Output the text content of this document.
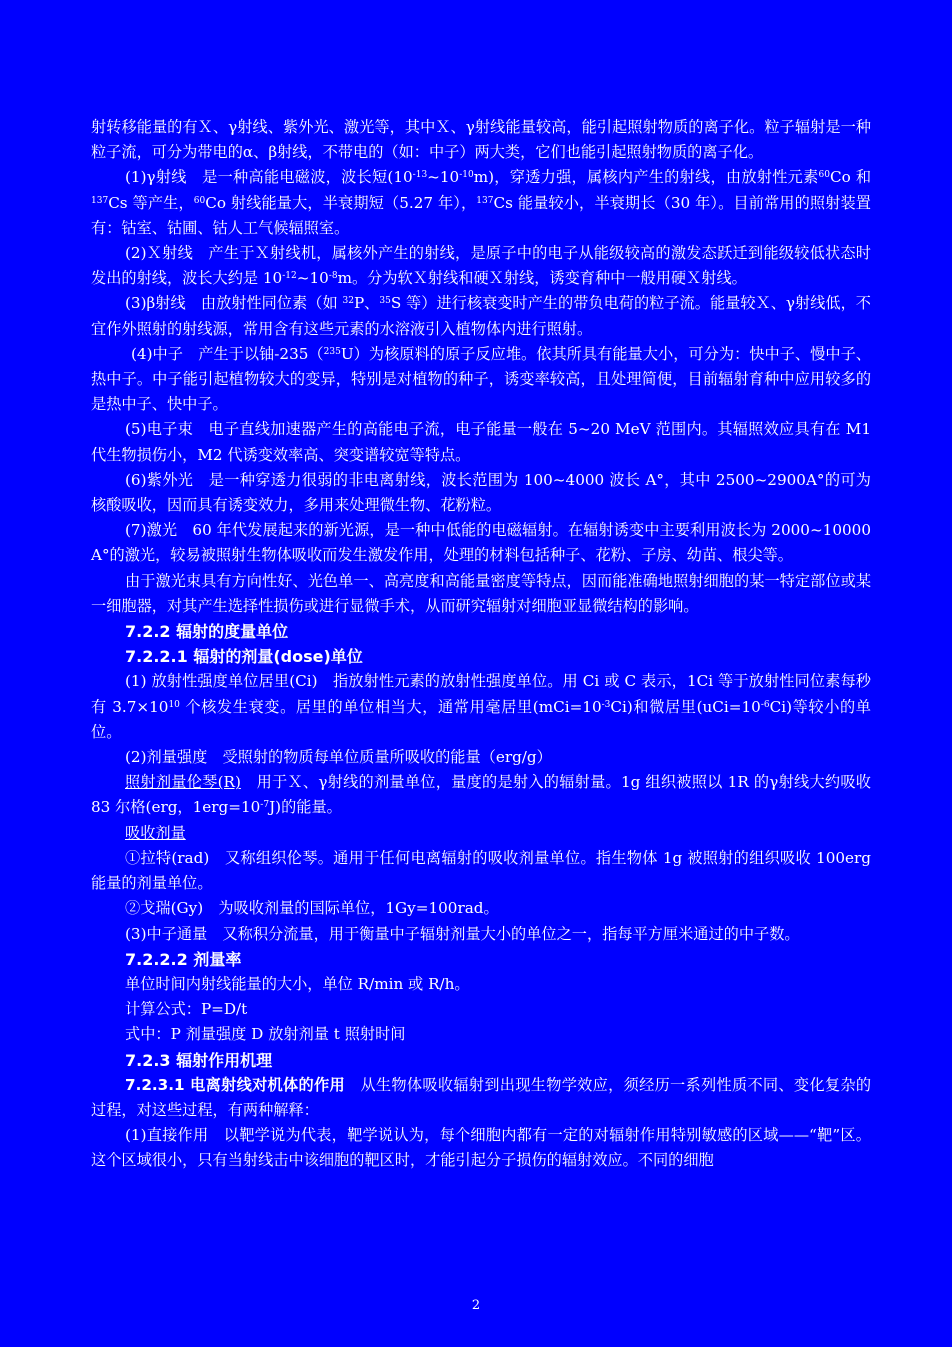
射转移能量的有Ｘ、γ射线、紫外光、激光等，其中Ｘ、γ射线能量较高，能引起照射物质的离子化。粒子辐射是一种粒子流，可分为带电的α、β射线，不带电的（如：中子）两大类，它们也能引起照射物质的离子化。

(1)γ射线　是一种高能电磁波，波长短$(10^{-13}\sim 10^{-10}m)$，穿透力强，属核内产生的射线，由放射性元素$^{60}$Co 和$^{137}$Cs 等产生，$^{60}$Co 射线能量大，半衰期短（5.27 年），$^{137}$Cs 能量较小，半衰期长（30 年）。目前常用的照射装置有：钴室、钴圃、钴人工气候辐照室。

(2)Ｘ射线　产生于Ｘ射线机，属核外产生的射线，是原子中的电子从能级较高的激发态跃迁到能级较低状态时发出的射线，波长大约是 $10^{-12}\sim 10^{-8}m$。分为软Ｘ射线和硬Ｘ射线，诱变育种中一般用硬Ｘ射线。

(3)β射线　由放射性同位素（如 $^{32}$P、$^{35}$S 等）进行核衰变时产生的带负电荷的粒子流。能量较Ｘ、γ射线低，不宜作外照射的射线源，常用含有这些元素的水溶液引入植物体内进行照射。

(4)中子　产生于以铀-235（$^{235}$U）为核原料的原子反应堆。依其所具有能量大小，可分为：快中子、慢中子、热中子。中子能引起植物较大的变异，特别是对植物的种子，诱变率较高，且处理简便，目前辐射育种中应用较多的是热中子、快中子。

(5)电子束　电子直线加速器产生的高能电子流，电子能量一般在 5~20 MeV 范围内。其辐照效应具有在 M1 代生物损伤小，M2 代诱变效率高、突变谱较宽等特点。

(6)紫外光　是一种穿透力很弱的非电离射线，波长范围为 100~4000 波长 A°，其中 2500~2900A°的可为核酸吸收，因而具有诱变效力，多用来处理微生物、花粉粒。

(7)激光　60 年代发展起来的新光源，是一种中低能的电磁辐射。在辐射诱变中主要利用波长为 2000~10000 A°的激光，较易被照射生物体吸收而发生激发作用，处理的材料包括种子、花粉、子房、幼苗、根尖等。

由于激光束具有方向性好、光色单一、高亮度和高能量密度等特点，因而能准确地照射细胞的某一特定部位或某一细胞器，对其产生选择性损伤或进行显微手术，从而研究辐射对细胞亚显微结构的影响。

7.2.2 辐射的度量单位
7.2.2.1 辐射的剂量(dose)单位

(1) 放射性强度单位居里(Ci)　指放射性元素的放射性强度单位。用 Ci 或 C 表示，1Ci 等于放射性同位素每秒有 $3.7\times 10^{10}$ 个核发生衰变。居里的单位相当大，通常用毫居里$(mCi=10^{-3}Ci)$和微居里$(uCi=10^{-6}Ci)$等较小的单位。

(2)剂量强度　受照射的物质每单位质量所吸收的能量（erg/g）

照射剂量伦琴(R)　用于Ｘ、γ射线的剂量单位，量度的是射入的辐射量。1g 组织被照以 1R 的γ射线大约吸收 83 尔格(erg，$1erg=10^{-7}J$)的能量。

吸收剂量

①拉特(rad)　又称组织伦琴。通用于任何电离辐射的吸收剂量单位。指生物体 1g 被照射的组织吸收 100erg 能量的剂量单位。

②戈瑞(Gy)　为吸收剂量的国际单位，1Gy=100rad。

(3)中子通量　又称积分流量，用于衡量中子辐射剂量大小的单位之一，指每平方厘米通过的中子数。

7.2.2.2 剂量率

单位时间内射线能量的大小，单位 R/min 或 R/h。

计算公式：P=D/t

式中：P 剂量强度 D 放射剂量 t 照射时间

7.2.3 辐射作用机理

7.2.3.1 电离射线对机体的作用　从生物体吸收辐射到出现生物学效应，须经历一系列性质不同、变化复杂的过程，对这些过程，有两种解释：

(1)直接作用　以靶学说为代表，靶学说认为，每个细胞内都有一定的对辐射作用特别敏感的区域——“靶”区。这个区域很小，只有当射线击中该细胞的靶区时，才能引起分子损伤的辐射效应。不同的细胞

2
